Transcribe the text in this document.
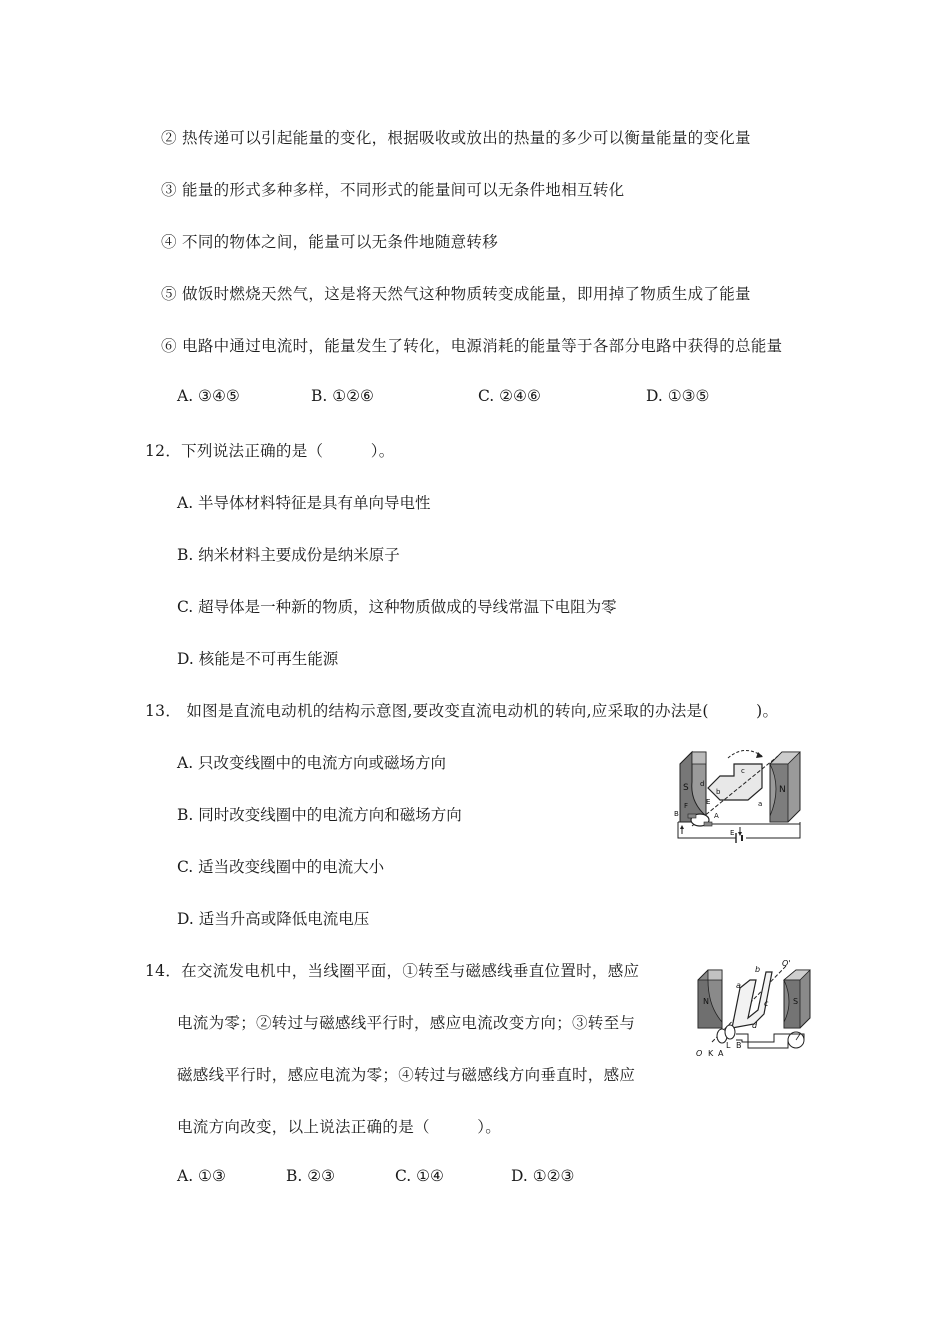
② 热传递可以引起能量的变化，根据吸收或放出的热量的多少可以衡量能量的变化量
③ 能量的形式多种多样，不同形式的能量间可以无条件地相互转化
④ 不同的物体之间，能量可以无条件地随意转移
⑤ 做饭时燃烧天然气，这是将天然气这种物质转变成能量，即用掉了物质生成了能量
⑥ 电路中通过电流时，能量发生了转化，电源消耗的能量等于各部分电路中获得的总能量
A. ③④⑤	B. ①②⑥	C. ②④⑥	D. ①③⑤
12．下列说法正确的是（　　　）。
A. 半导体材料特征是具有单向导电性
B. 纳米材料主要成份是纳米原子
C. 超导体是一种新的物质，这种物质做成的导线常温下电阻为零
D. 核能是不可再生能源
13． 如图是直流电动机的结构示意图,要改变直流电动机的转向,应采取的办法是(　　　)。
A. 只改变线圈中的电流方向或磁场方向
B. 同时改变线圈中的电流方向和磁场方向
C. 适当改变线圈中的电流大小
D. 适当升高或降低电流电压
S	N
c
d
b
a
E
F
B	A
E
14．在交流发电机中，当线圈平面，①转至与磁感线垂直位置时，感应
电流为零；②转过与磁感线平行时，感应电流改变方向；③转至与
磁感线平行时，感应电流为零；④转过与磁感线方向垂直时，感应
电流方向改变，以上说法正确的是（　　　）。
A. ①③	B. ②③	C. ①④	D. ①②③
N	S
b
O'
a
c
d
O
L B
K A
